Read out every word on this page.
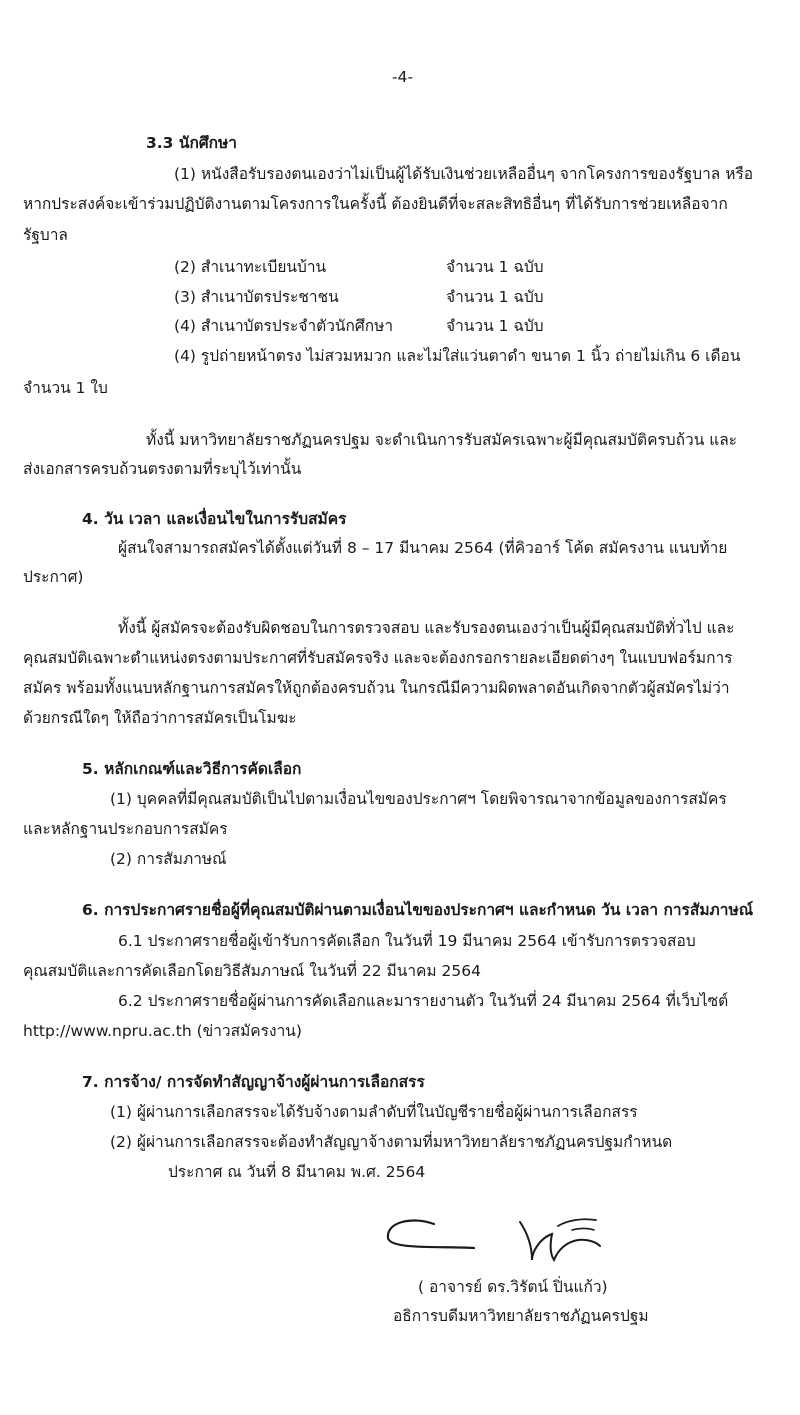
-4-
3.3 นักศึกษา
(1) หนังสือรับรองตนเองว่าไม่เป็นผู้ได้รับเงินช่วยเหลืออื่นๆ จากโครงการของรัฐบาล หรือ
หากประสงค์จะเข้าร่วมปฏิบัติงานตามโครงการในครั้งนี้ ต้องยินดีที่จะสละสิทธิอื่นๆ ที่ได้รับการช่วยเหลือจาก
รัฐบาล
(2) สำเนาทะเบียนบ้าน	จำนวน 1 ฉบับ
(3) สำเนาบัตรประชาชน	จำนวน 1 ฉบับ
(4) สำเนาบัตรประจำตัวนักศึกษา	จำนวน 1 ฉบับ
(4) รูปถ่ายหน้าตรง ไม่สวมหมวก และไม่ใส่แว่นตาดำ ขนาด 1 นิ้ว ถ่ายไม่เกิน 6 เดือน
จำนวน 1 ใบ
ทั้งนี้ มหาวิทยาลัยราชภัฏนครปฐม จะดำเนินการรับสมัครเฉพาะผู้มีคุณสมบัติครบถ้วน และ
ส่งเอกสารครบถ้วนตรงตามที่ระบุไว้เท่านั้น
4. วัน เวลา และเงื่อนไขในการรับสมัคร
ผู้สนใจสามารถสมัครได้ตั้งแต่วันที่ 8 – 17 มีนาคม 2564 (ที่คิวอาร์ โค้ด สมัครงาน แนบท้าย
ประกาศ)
ทั้งนี้ ผู้สมัครจะต้องรับผิดชอบในการตรวจสอบ และรับรองตนเองว่าเป็นผู้มีคุณสมบัติทั่วไป และ
คุณสมบัติเฉพาะตำแหน่งตรงตามประกาศที่รับสมัครจริง และจะต้องกรอกรายละเอียดต่างๆ ในแบบฟอร์มการ
สมัคร พร้อมทั้งแนบหลักฐานการสมัครให้ถูกต้องครบถ้วน ในกรณีมีความผิดพลาดอันเกิดจากตัวผู้สมัครไม่ว่า
ด้วยกรณีใดๆ ให้ถือว่าการสมัครเป็นโมฆะ
5. หลักเกณฑ์และวิธีการคัดเลือก
(1) บุคคลที่มีคุณสมบัติเป็นไปตามเงื่อนไขของประกาศฯ โดยพิจารณาจากข้อมูลของการสมัคร
และหลักฐานประกอบการสมัคร
(2) การสัมภาษณ์
6. การประกาศรายชื่อผู้ที่คุณสมบัติผ่านตามเงื่อนไขของประกาศฯ และกำหนด วัน เวลา การสัมภาษณ์
6.1 ประกาศรายชื่อผู้เข้ารับการคัดเลือก ในวันที่ 19 มีนาคม 2564 เข้ารับการตรวจสอบ
คุณสมบัติและการคัดเลือกโดยวิธีสัมภาษณ์ ในวันที่ 22 มีนาคม 2564
6.2 ประกาศรายชื่อผู้ผ่านการคัดเลือกและมารายงานตัว ในวันที่ 24 มีนาคม 2564 ที่เว็บไซต์
http://www.npru.ac.th (ข่าวสมัครงาน)
7. การจ้าง/ การจัดทำสัญญาจ้างผู้ผ่านการเลือกสรร
(1) ผู้ผ่านการเลือกสรรจะได้รับจ้างตามลำดับที่ในบัญชีรายชื่อผู้ผ่านการเลือกสรร
(2) ผู้ผ่านการเลือกสรรจะต้องทำสัญญาจ้างตามที่มหาวิทยาลัยราชภัฏนครปฐมกำหนด
ประกาศ ณ วันที่ 8 มีนาคม พ.ศ. 2564
( อาจารย์ ดร.วิรัตน์ ปิ่นแก้ว)
อธิการบดีมหาวิทยาลัยราชภัฏนครปฐม
